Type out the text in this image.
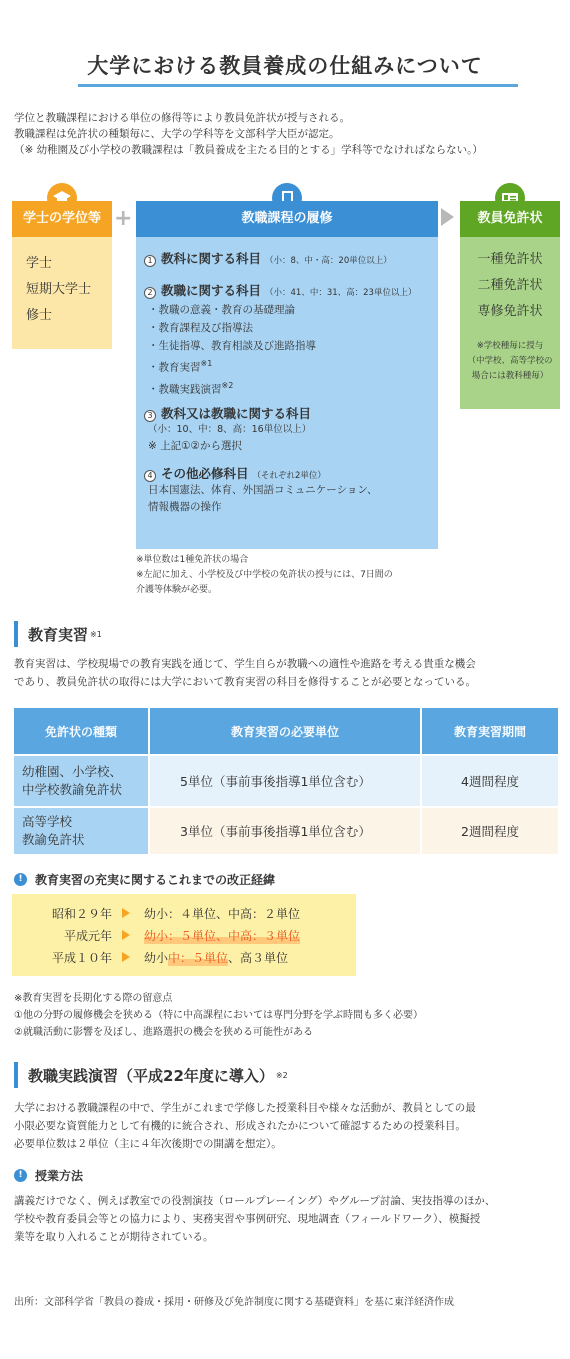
大学における教員養成の仕組みについて
学位と教職課程における単位の修得等により教員免許状が授与される。
教職課程は免許状の種類毎に、大学の学科等を文部科学大臣が認定。
（※ 幼稚園及び小学校の教職課程は「教員養成を主たる目的とする」学科等でなければならない。）
学士の学位等
学士
短期大学士
修士
+	教職課程の履修
1 教科に関する科目 （小：8、中・高：20単位以上）
2 教職に関する科目 （小：41、中：31、高：23単位以上）
・教職の意義・教育の基礎理論
・教育課程及び指導法
・生徒指導、教育相談及び進路指導
・教育実習$^{※1}$
・教職実践演習$^{※2}$
3 教科又は教職に関する科目
（小：10、中：8、高：16単位以上）
※ 上記①②から選択
4 その他必修科目 （それぞれ2単位）
日本国憲法、体育、外国語コミュニケーション、
情報機器の操作
教員免許状
一種免許状
二種免許状
専修免許状
※学校種毎に授与
（中学校、高等学校の
場合には教科種毎）
※単位数は1種免許状の場合
※左記に加え、小学校及び中学校の免許状の授与には、7日間の
介護等体験が必要。
教育実習 ※1
教育実習は、学校現場での教育実践を通じて、学生自らが教職への適性や進路を考える貴重な機会
であり、教員免許状の取得には大学において教育実習の科目を修得することが必要となっている。
免許状の種類	教育実習の必要単位	教育実習期間

幼稚園、小学校、
中学校教諭免許状	5単位（事前事後指導1単位含む）	4週間程度

高等学校
教諭免許状	3単位（事前事後指導1単位含む）	2週間程度
!	教育実習の充実に関するこれまでの改正経緯
昭和２９年	幼小：４単位、中高：２単位
平成元年	幼小：５単位、中高：３単位
平成１０年	幼小 中：５単位 、高３単位
※教育実習を長期化する際の留意点
①他の分野の履修機会を狭める（特に中高課程においては専門分野を学ぶ時間も多く必要）
②就職活動に影響を及ぼし、進路選択の機会を狭める可能性がある
教職実践演習（平成22年度に導入） ※2
大学における教職課程の中で、学生がこれまで学修した授業科目や様々な活動が、教員としての最
小限必要な資質能力として有機的に統合され、形成されたかについて確認するための授業科目。
必要単位数は２単位（主に４年次後期での開講を想定）。
!	授業方法
講義だけでなく、例えば教室での役割演技（ロールプレーイング）やグループ討論、実技指導のほか、
学校や教育委員会等との協力により、実務実習や事例研究、現地調査（フィールドワーク）、模擬授
業等を取り入れることが期待されている。
出所：文部科学省「教員の養成・採用・研修及び免許制度に関する基礎資料」を基に東洋経済作成
